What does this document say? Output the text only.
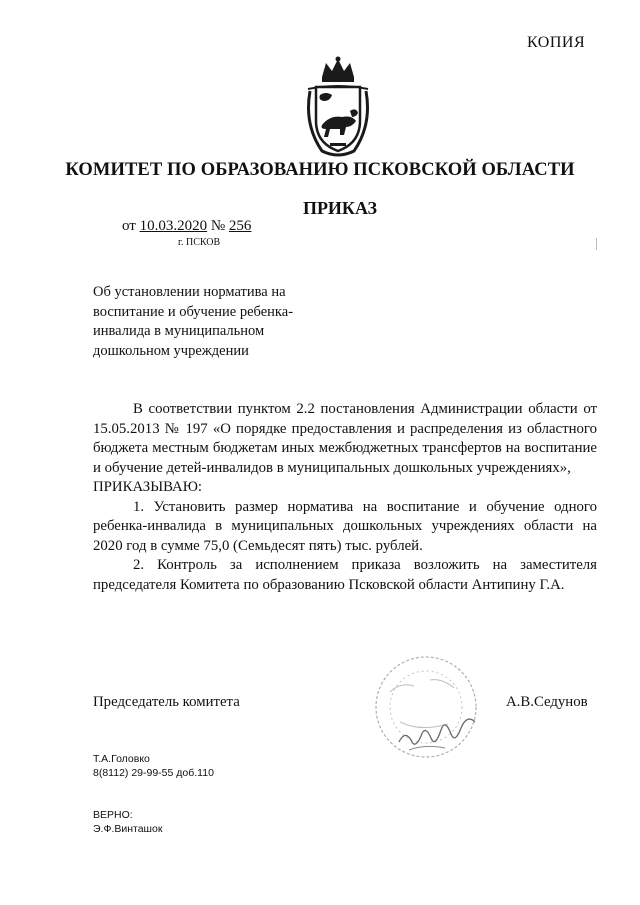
КОПИЯ
КОМИТЕТ ПО ОБРАЗОВАНИЮ ПСКОВСКОЙ ОБЛАСТИ
ПРИКАЗ
от 10.03.2020 № 256
г. ПСКОВ
Об установлении норматива на
воспитание и обучение ребенка-
инвалида в муниципальном
дошкольном учреждении

В соответствии пунктом 2.2 постановления Администрации области от 15.05.2013 № 197 «О порядке предоставления и распределения из областного бюджета местным бюджетам иных межбюджетных трансфертов на воспитание и обучение детей-инвалидов в муниципальных дошкольных учреждениях»,

ПРИКАЗЫВАЮ:

1. Установить размер норматива на воспитание и обучение одного ребенка-инвалида в муниципальных дошкольных учреждениях области на 2020 год в сумме 75,0 (Семьдесят пять) тыс. рублей.

2. Контроль за исполнением приказа возложить на заместителя председателя Комитета по образованию Псковской области Антипину Г.А.

Председатель комитета	А.В.Седунов
Т.А.Головко
8(8112) 29-99-55 доб.110
ВЕРНО:
Э.Ф.Винташок
